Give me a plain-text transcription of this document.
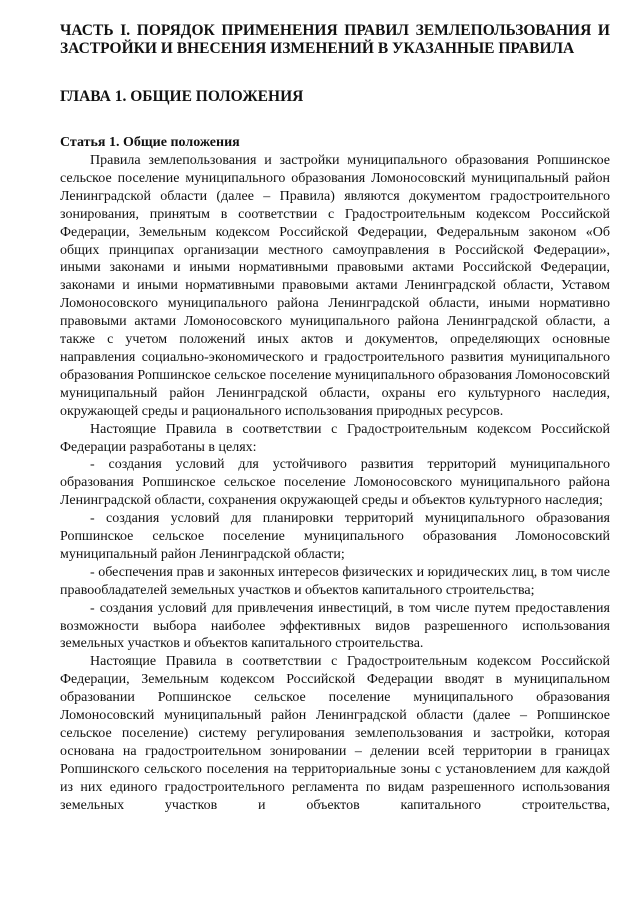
ЧАСТЬ I. ПОРЯДОК ПРИМЕНЕНИЯ ПРАВИЛ ЗЕМЛЕПОЛЬЗОВАНИЯ И ЗАСТРОЙКИ И ВНЕСЕНИЯ ИЗМЕНЕНИЙ В УКАЗАННЫЕ ПРАВИЛА
ГЛАВА 1. ОБЩИЕ ПОЛОЖЕНИЯ
Статья 1. Общие положения
Правила землепользования и застройки муниципального образования Ропшинское сельское поселение муниципального образования Ломоносовский муниципальный район Ленинградской области (далее – Правила) являются документом градостроительного зонирования, принятым в соответствии с Градостроительным кодексом Российской Федерации, Земельным кодексом Российской Федерации, Федеральным законом «Об общих принципах организации местного самоуправления в Российской Федерации», иными законами и иными нормативными правовыми актами Российской Федерации, законами и иными нормативными правовыми актами Ленинградской области, Уставом Ломоносовского муниципального района Ленинградской области, иными нормативно правовыми актами Ломоносовского муниципального района Ленинградской области, а также с учетом положений иных актов и документов, определяющих основные направления социально-экономического и градостроительного развития муниципального образования Ропшинское сельское поселение муниципального образования Ломоносовский муниципальный район Ленинградской области, охраны его культурного наследия, окружающей среды и рационального использования природных ресурсов.
Настоящие Правила в соответствии с Градостроительным кодексом Российской Федерации разработаны в целях:
- создания условий для устойчивого развития территорий муниципального образования Ропшинское сельское поселение Ломоносовского муниципального района Ленинградской области, сохранения окружающей среды и объектов культурного наследия;
- создания условий для планировки территорий муниципального образования Ропшинское сельское поселение муниципального образования Ломоносовский муниципальный район Ленинградской области;
- обеспечения прав и законных интересов физических и юридических лиц, в том числе правообладателей земельных участков и объектов капитального строительства;
- создания условий для привлечения инвестиций, в том числе путем предоставления возможности выбора наиболее эффективных видов разрешенного использования земельных участков и объектов капитального строительства.
Настоящие Правила в соответствии с Градостроительным кодексом Российской Федерации, Земельным кодексом Российской Федерации вводят в муниципальном образовании Ропшинское сельское поселение муниципального образования Ломоносовский муниципальный район Ленинградской области (далее – Ропшинское сельское поселение) систему регулирования землепользования и застройки, которая основана на градостроительном зонировании – делении всей территории в границах Ропшинского сельского поселения на территориальные зоны с установлением для каждой из них единого градостроительного регламента по видам разрешенного использования земельных участков и объектов капитального строительства,
